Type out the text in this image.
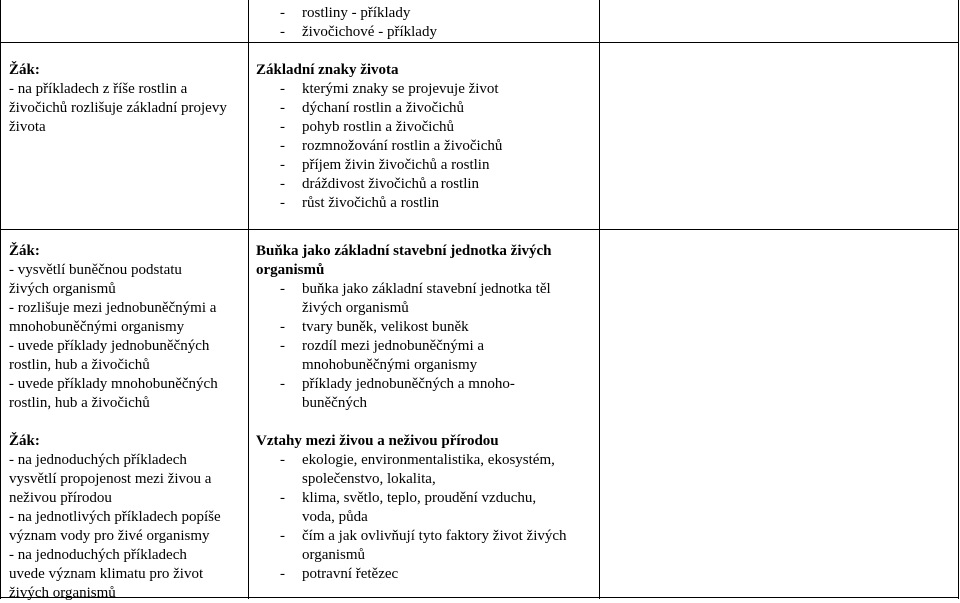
- rostliny - příklady
- živočichové - příklady
Žák:
- na příkladech z říše rostlin a živočichů rozlišuje základní projevy života
Základní znaky života
- kterými znaky se projevuje život
- dýchaní rostlin a živočichů
- pohyb rostlin a živočichů
- rozmnožování rostlin a živočichů
- příjem živin živočichů a rostlin
- dráždivost živočichů a rostlin
- růst živočichů a rostlin
Žák:
- vysvětlí buněčnou podstatu
živých organismů
- rozlišuje mezi jednobuněčnými a
mnohobuněčnými organismy
- uvede příklady jednobuněčných
rostlin, hub a živočichů
- uvede příklady mnohobuněčných
rostlin, hub a živočichů
Žák:
- na jednoduchých příkladech
vysvětlí propojenost mezi živou a
neživou přírodou
- na jednotlivých příkladech popíše
význam vody pro živé organismy
- na jednoduchých příkladech
uvede význam klimatu pro život
živých organismů
Buňka jako základní stavební jednotka živých
organismů
- buňka jako základní stavební jednotka těl
živých organismů
- tvary buněk, velikost buněk
- rozdíl mezi jednobuněčnými a
mnohobuněčnými organismy
- příklady jednobuněčných a mnoho-
buněčných
Vztahy mezi živou a neživou přírodou
- ekologie, environmentalistika, ekosystém,
společenstvo, lokalita,
- klima, světlo, teplo, proudění vzduchu,
voda, půda
- čím a jak ovlivňují tyto faktory život živých
organismů
- potravní řetězec
